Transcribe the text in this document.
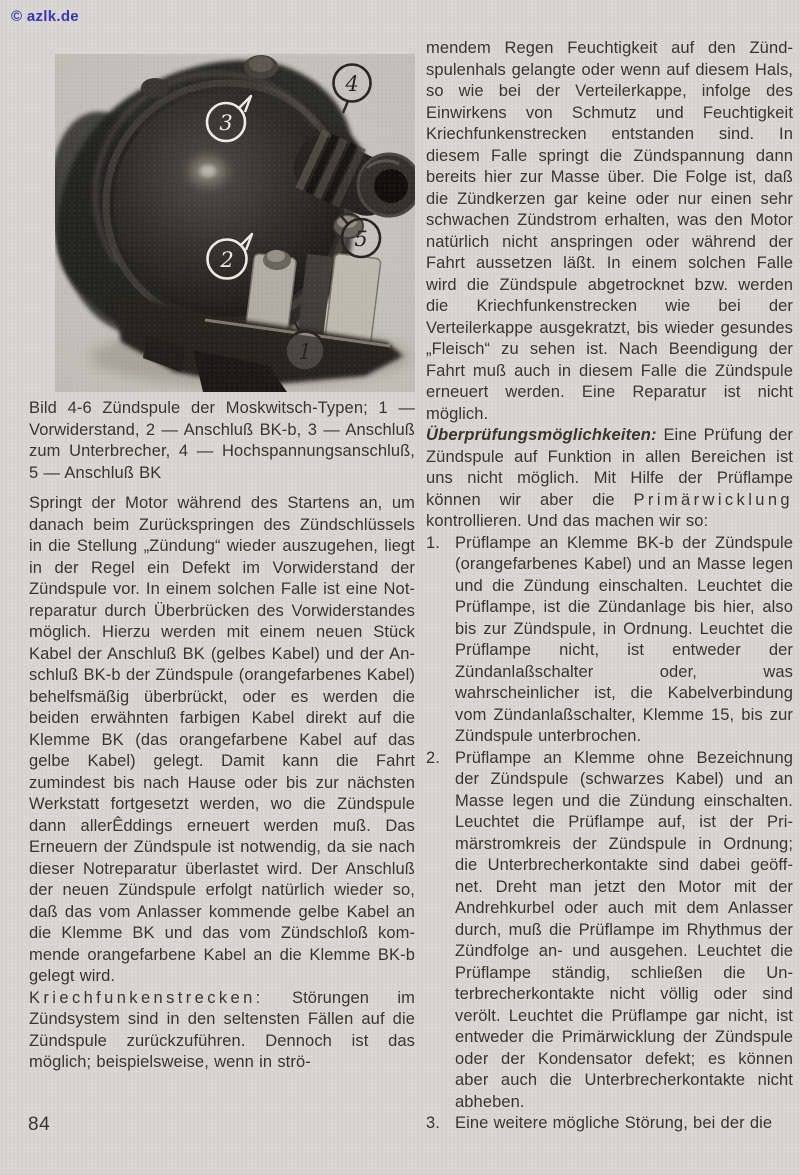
© azlk.de
3
4
5
2
1

Bild 4-6 Zündspule der Moskwitsch-Typen; 1 — Vorwiderstand, 2 — Anschluß BK-b, 3 — Anschluß zum Unterbrecher, 4 — Hochspannungsanschluß, 5 — Anschluß BK

Springt der Motor während des Startens an, um danach beim Zurückspringen des Zündschlüssels in die Stellung „Zündung“ wieder auszugehen, liegt in der Regel ein Defekt im Vorwiderstand der Zündspule vor. In einem solchen Falle ist eine Notreparatur durch Überbrücken des Vorwiderstandes möglich. Hierzu werden mit einem neuen Stück Kabel der Anschluß BK (gelbes Kabel) und der Anschluß BK-b der Zündspule (orangefarbenes Kabel) behelfsmäßig überbrückt, oder es werden die beiden erwähnten farbigen Kabel direkt auf die Klemme BK (das orangefarbene Kabel auf das gelbe Kabel) gelegt. Damit kann die Fahrt zumindest bis nach Hause oder bis zur nächsten Werkstatt fortgesetzt werden, wo die Zündspule dann allerÊddings erneuert werden muß. Das Erneuern der Zündspule ist notwendig, da sie nach dieser Notreparatur überlastet wird. Der Anschluß der neuen Zündspule erfolgt natürlich wieder so, daß das vom Anlasser kommende gelbe Kabel an die Klemme BK und das vom Zündschloß kommende orangefarbene Kabel an die Klemme BK-b gelegt wird.

Kriechfunkenstrecken: Störungen im Zündsystem sind in den seltensten Fällen auf die Zündspule zurückzuführen. Dennoch ist das möglich; beispielsweise, wenn in strö-

mendem Regen Feuchtigkeit auf den Zündspulenhals gelangte oder wenn auf diesem Hals, so wie bei der Verteilerkappe, infolge des Einwirkens von Schmutz und Feuchtigkeit Kriechfunkenstrecken entstanden sind. In diesem Falle springt die Zündspannung dann bereits hier zur Masse über. Die Folge ist, daß die Zündkerzen gar keine oder nur einen sehr schwachen Zündstrom erhalten, was den Motor natürlich nicht anspringen oder während der Fahrt aussetzen läßt. In einem solchen Falle wird die Zündspule abgetrocknet bzw. werden die Kriechfunkenstrecken wie bei der Verteilerkappe ausgekratzt, bis wieder gesundes „Fleisch“ zu sehen ist. Nach Beendigung der Fahrt muß auch in diesem Falle die Zündspule erneuert werden. Eine Reparatur ist nicht möglich.

Überprüfungsmöglichkeiten: Eine Prüfung der Zündspule auf Funktion in allen Bereichen ist uns nicht möglich. Mit Hilfe der Prüflampe können wir aber die Primärwicklung kontrollieren. Und das machen wir so:

1. Prüflampe an Klemme BK-b der Zündspule (orangefarbenes Kabel) und an Masse legen und die Zündung einschalten. Leuchtet die Prüflampe, ist die Zündanlage bis hier, also bis zur Zündspule, in Ordnung. Leuchtet die Prüflampe nicht, ist entweder der Zündanlaßschalter oder, was wahrscheinlicher ist, die Kabelverbindung vom Zündanlaßschalter, Klemme 15, bis zur Zündspule unterbrochen.
2. Prüflampe an Klemme ohne Bezeichnung der Zündspule (schwarzes Kabel) und an Masse legen und die Zündung einschalten. Leuchtet die Prüflampe auf, ist der Primärstromkreis der Zündspule in Ordnung; die Unterbrecherkontakte sind dabei geöffnet. Dreht man jetzt den Motor mit der Andrehkurbel oder auch mit dem Anlasser durch, muß die Prüflampe im Rhythmus der Zündfolge an- und ausgehen. Leuchtet die Prüflampe ständig, schließen die Unterbrecherkontakte nicht völlig oder sind verölt. Leuchtet die Prüflampe gar nicht, ist entweder die Primärwicklung der Zündspule oder der Kondensator defekt; es können aber auch die Unterbrecherkontakte nicht abheben.
3. Eine weitere mögliche Störung, bei der die
84
